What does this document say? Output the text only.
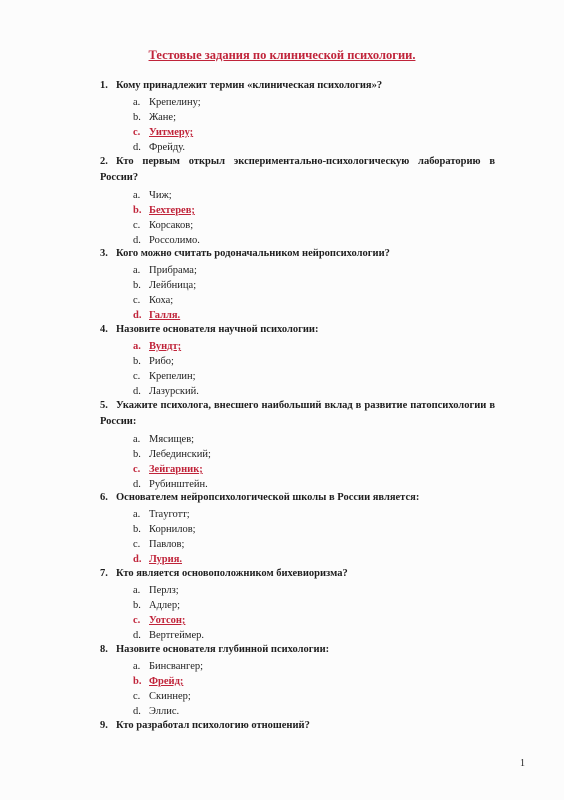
Тестовые задания по клинической психологии.
1. Кому принадлежит термин «клиническая психология»?
a. Крепелину;
b. Жане;
c. Уитмеру;
d. Фрейду.
2. Кто первым открыл экспериментально-психологическую лабораторию в России?
a. Чиж;
b. Бехтерев;
c. Корсаков;
d. Россолимо.
3. Кого можно считать родоначальником нейропсихологии?
a. Прибрама;
b. Лейбница;
c. Коха;
d. Галля.
4. Назовите основателя научной психологии:
a. Вундт;
b. Рибо;
c. Крепелин;
d. Лазурский.
5. Укажите психолога, внесшего наибольший вклад в развитие патопсихологии в России:
a. Мясищев;
b. Лебединский;
c. Зейгарник;
d. Рубинштейн.
6. Основателем нейропсихологической школы в России является:
a. Traуготт;
b. Корнилов;
c. Павлов;
d. Лурия.
7. Кто является основоположником бихевиоризма?
a. Перлз;
b. Адлер;
c. Уотсон;
d. Вертгеймер.
8. Назовите основателя глубинной психологии:
a. Бинсвангер;
b. Фрейд;
c. Скиннер;
d. Эллис.
9. Кто разработал психологию отношений?
1
